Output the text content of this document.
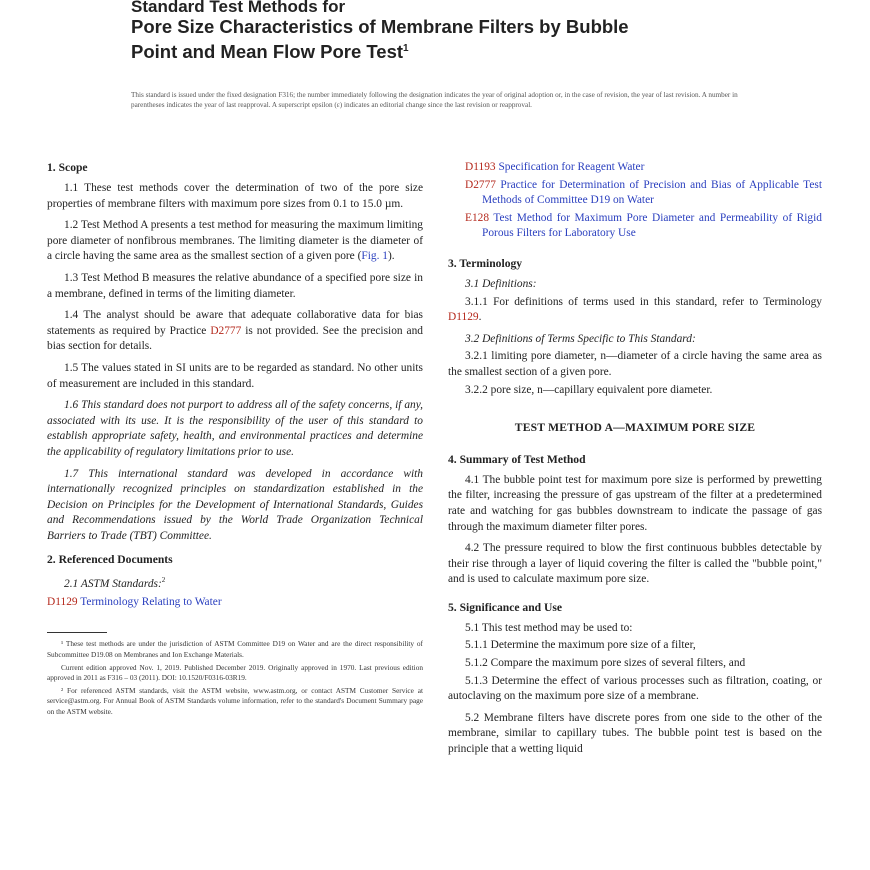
Standard Test Methods for
Pore Size Characteristics of Membrane Filters by Bubble
Point and Mean Flow Pore Test$^1$
This standard is issued under the fixed designation F316; the number immediately following the designation indicates the year of original adoption or, in the case of revision, the year of last revision. A number in parentheses indicates the year of last reapproval. A superscript epsilon (ε) indicates an editorial change since the last revision or reapproval.
1. Scope

1.1 These test methods cover the determination of two of the pore size properties of membrane filters with maximum pore sizes from 0.1 to 15.0 µm.

1.2 Test Method A presents a test method for measuring the maximum limiting pore diameter of nonfibrous membranes. The limiting diameter is the diameter of a circle having the same area as the smallest section of a given pore (Fig. 1).

1.3 Test Method B measures the relative abundance of a specified pore size in a membrane, defined in terms of the limiting diameter.

1.4 The analyst should be aware that adequate collaborative data for bias statements as required by Practice D2777 is not provided. See the precision and bias section for details.

1.5 The values stated in SI units are to be regarded as standard. No other units of measurement are included in this standard.

1.6 This standard does not purport to address all of the safety concerns, if any, associated with its use. It is the responsibility of the user of this standard to establish appropriate safety, health, and environmental practices and determine the applicability of regulatory limitations prior to use.

1.7 This international standard was developed in accordance with internationally recognized principles on standardization established in the Decision on Principles for the Development of International Standards, Guides and Recommendations issued by the World Trade Organization Technical Barriers to Trade (TBT) Committee.

2. Referenced Documents

2.1 ASTM Standards:$^2$

D1129 Terminology Relating to Water

¹ These test methods are under the jurisdiction of ASTM Committee D19 on Water and are the direct responsibility of Subcommittee D19.08 on Membranes and Ion Exchange Materials.

Current edition approved Nov. 1, 2019. Published December 2019. Originally approved in 1970. Last previous edition approved in 2011 as F316 – 03 (2011). DOI: 10.1520/F0316-03R19.

² For referenced ASTM standards, visit the ASTM website, www.astm.org, or contact ASTM Customer Service at service@astm.org. For Annual Book of ASTM Standards volume information, refer to the standard's Document Summary page on the ASTM website.

D1193 Specification for Reagent Water
D2777 Practice for Determination of Precision and Bias of Applicable Test Methods of Committee D19 on Water
E128 Test Method for Maximum Pore Diameter and Permeability of Rigid Porous Filters for Laboratory Use
3. Terminology

3.1 Definitions:

3.1.1 For definitions of terms used in this standard, refer to Terminology D1129.

3.2 Definitions of Terms Specific to This Standard:

3.2.1 limiting pore diameter, n—diameter of a circle having the same area as the smallest section of a given pore.

3.2.2 pore size, n—capillary equivalent pore diameter.

TEST METHOD A—MAXIMUM PORE SIZE
4. Summary of Test Method

4.1 The bubble point test for maximum pore size is performed by prewetting the filter, increasing the pressure of gas upstream of the filter at a predetermined rate and watching for gas bubbles downstream to indicate the passage of gas through the maximum diameter filter pores.

4.2 The pressure required to blow the first continuous bubbles detectable by their rise through a layer of liquid covering the filter is called the "bubble point," and is used to calculate maximum pore size.

5. Significance and Use

5.1 This test method may be used to:

5.1.1 Determine the maximum pore size of a filter,

5.1.2 Compare the maximum pore sizes of several filters, and

5.1.3 Determine the effect of various processes such as filtration, coating, or autoclaving on the maximum pore size of a membrane.

5.2 Membrane filters have discrete pores from one side to the other of the membrane, similar to capillary tubes. The bubble point test is based on the principle that a wetting liquid
